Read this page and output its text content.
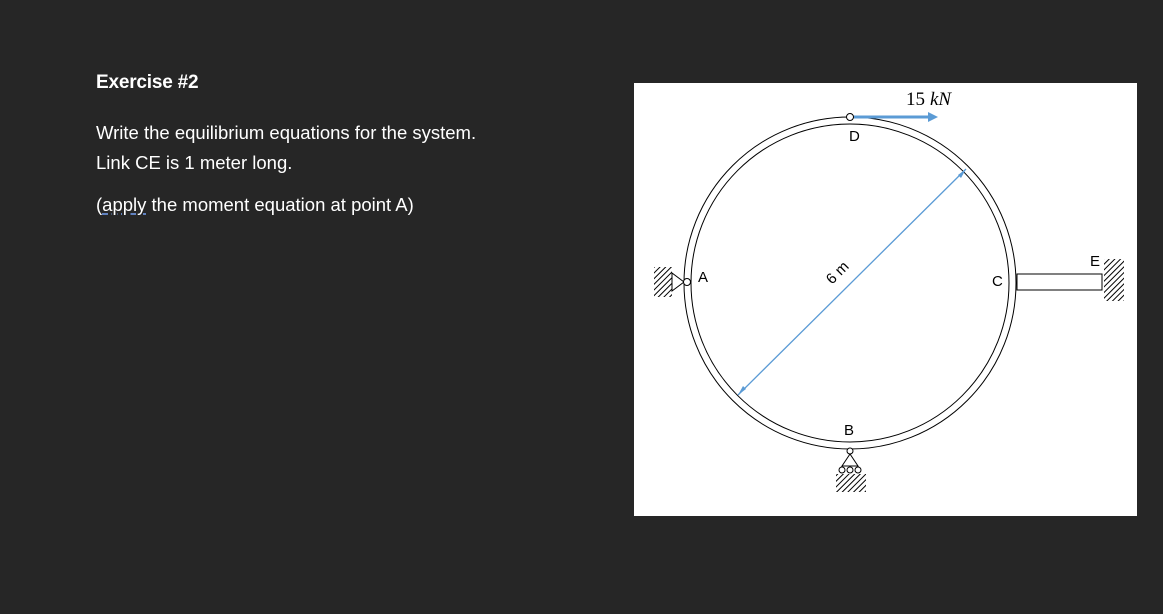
Exercise #2

Write the equilibrium equations for the system.

Link CE is 1 meter long.

(apply the moment equation at point A)

6 m
D
15 kN
A
B
C
E
